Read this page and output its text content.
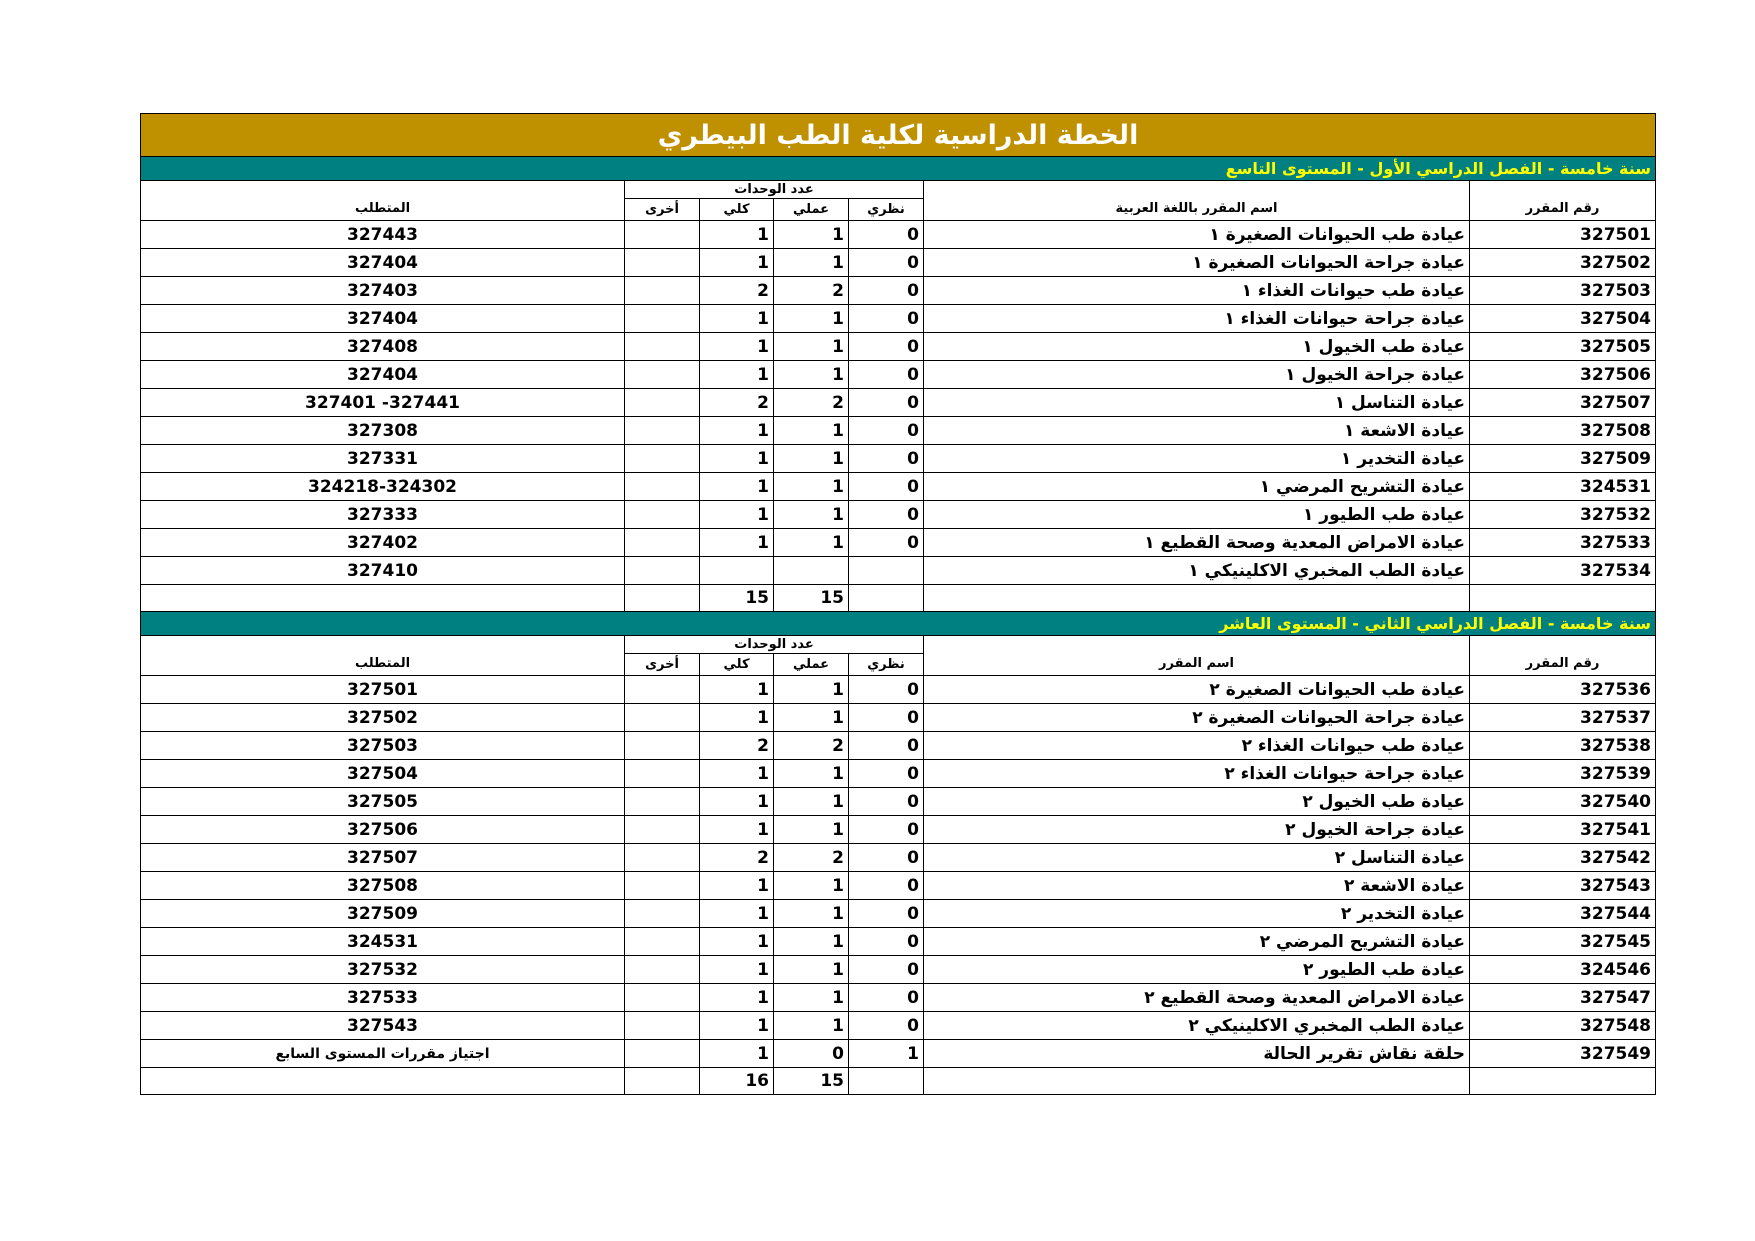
الخطة الدراسية لكلية الطب البيطري						
سنة خامسة - الفصل الدراسي الأول - المستوى التاسع						
رقم المقرر	اسم المقرر باللغة العربية	عدد الوحدات				المتطلب
		نظري	عملي	كلي	أخرى	
327501	عيادة طب الحيوانات الصغيرة ١	0	1	1		327443
327502	عيادة جراحة الحيوانات الصغيرة ١	0	1	1		327404
327503	عيادة طب حيوانات الغذاء ١	0	2	2		327403
327504	عيادة جراحة حيوانات الغذاء ١	0	1	1		327404
327505	عيادة طب الخيول ١	0	1	1		327408
327506	عيادة جراحة الخيول ١	0	1	1		327404
327507	عيادة التناسل ١	0	2	2		327441- 327401
327508	عيادة الاشعة ١	0	1	1		327308
327509	عيادة التخدير ١	0	1	1		327331
324531	عيادة التشريح المرضي ١	0	1	1		324218-324302
327532	عيادة طب الطيور ١	0	1	1		327333
327533	عيادة الامراض المعدية وصحة القطيع ١	0	1	1		327402
327534	عيادة الطب المخبري الاكلينيكي ١					327410
			15	15		
سنة خامسة - الفصل الدراسي الثاني - المستوى العاشر						
رقم المقرر	اسم المقرر	عدد الوحدات				المتطلب
		نظري	عملي	كلي	أخرى	
327536	عيادة طب الحيوانات الصغيرة ٢	0	1	1		327501
327537	عيادة جراحة الحيوانات الصغيرة ٢	0	1	1		327502
327538	عيادة طب حيوانات الغذاء ٢	0	2	2		327503
327539	عيادة جراحة حيوانات الغذاء ٢	0	1	1		327504
327540	عيادة طب الخيول ٢	0	1	1		327505
327541	عيادة جراحة الخيول ٢	0	1	1		327506
327542	عيادة التناسل ٢	0	2	2		327507
327543	عيادة الاشعة ٢	0	1	1		327508
327544	عيادة التخدير ٢	0	1	1		327509
327545	عيادة التشريح المرضي ٢	0	1	1		324531
324546	عيادة طب الطيور ٢	0	1	1		327532
327547	عيادة الامراض المعدية وصحة القطيع ٢	0	1	1		327533
327548	عيادة الطب المخبري الاكلينيكي ٢	0	1	1		327543
327549	حلقة نقاش تقرير الحالة	1	0	1		اجتياز مقررات المستوى السابع
			15	16		
